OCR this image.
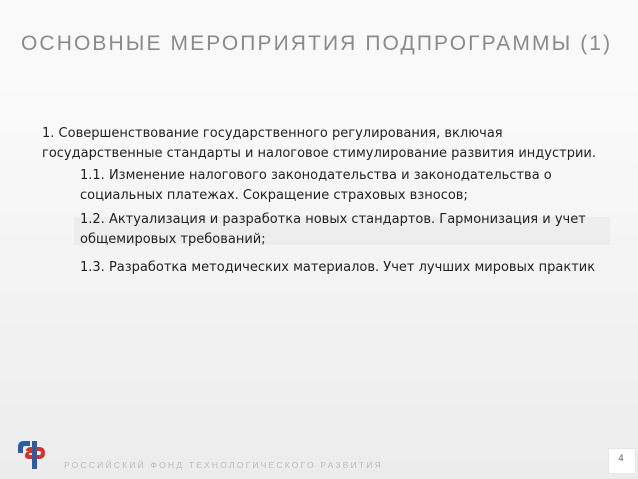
ОСНОВНЫЕ МЕРОПРИЯТИЯ ПОДПРОГРАММЫ (1)
1. Совершенствование государственного регулирования, включая государственные стандарты и налоговое стимулирование развития индустрии.
1.1. Изменение налогового законодательства и законодательства о социальных платежах. Сокращение страховых взносов;
1.2. Актуализация и разработка новых стандартов. Гармонизация и учет общемировых требований;
1.3. Разработка методических материалов. Учет лучших мировых практик
РОССИЙСКИЙ ФОНД ТЕХНОЛОГИЧЕСКОГО РАЗВИТИЯ
4
